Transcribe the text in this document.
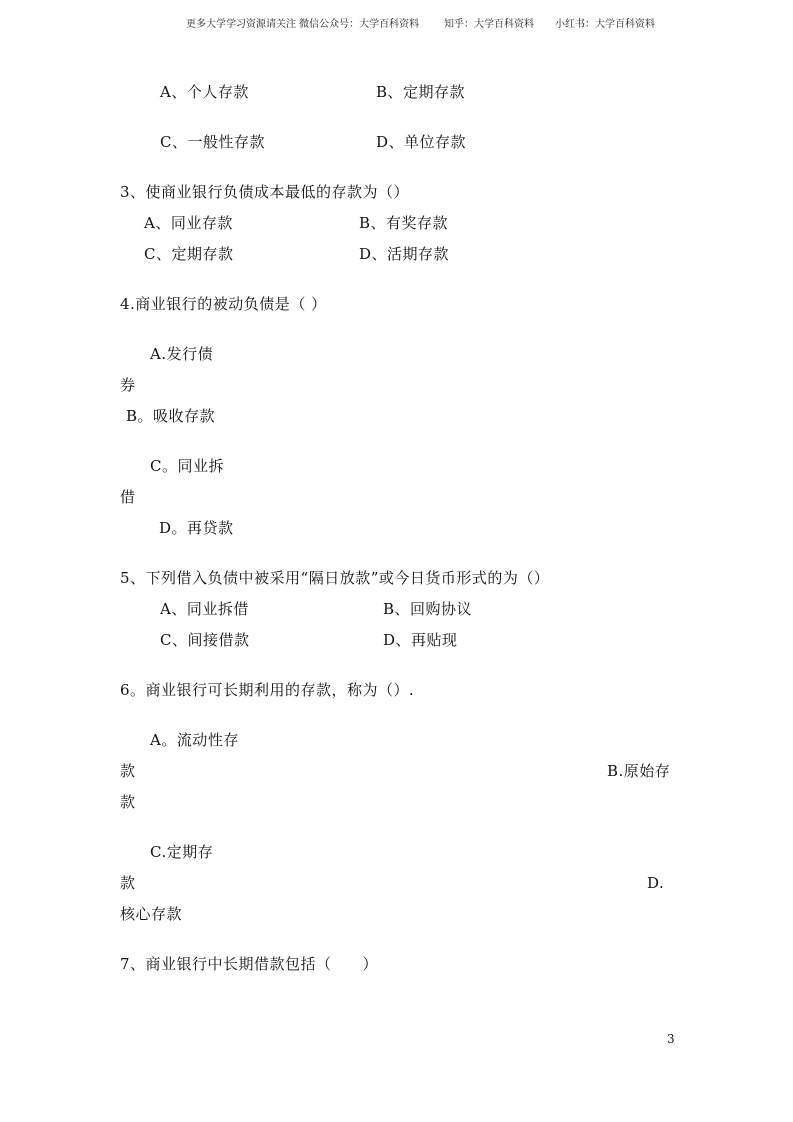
更多大学学习资源请关注 微信公众号：大学百科资料 知乎：大学百科资料 小红书：大学百科资料
A、个人存款	B、定期存款
C、一般性存款	D、单位存款
3、使商业银行负债成本最低的存款为（）
A、同业存款	B、有奖存款
C、定期存款	D、活期存款
4.商业银行的被动负债是（ ）
A.发行债
券
B。吸收存款
C。同业拆
借
D。再贷款
5、下列借入负债中被采用“隔日放款”或今日货币形式的为（）
A、同业拆借	B、回购协议
C、间接借款	D、再贴现
6。商业银行可长期利用的存款，称为（）.
A。流动性存
款	B.原始存
款
C.定期存
款	D.
核心存款
7、商业银行中长期借款包括（　　）
3
